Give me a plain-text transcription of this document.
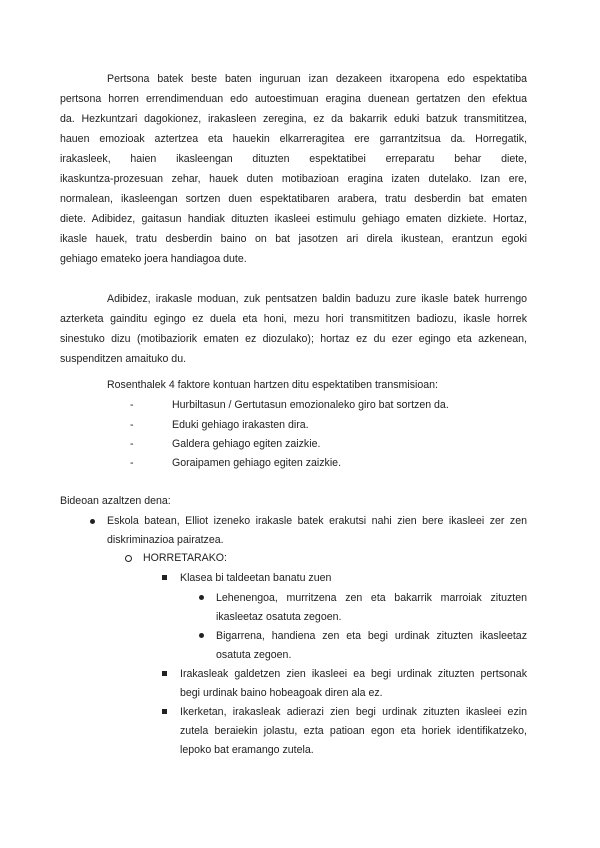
Pertsona batek beste baten inguruan izan dezakeen itxaropena edo espektatiba
pertsona horren errendimenduan edo autoestimuan eragina duenean gertatzen den efektua
da. Hezkuntzari dagokionez, irakasleen zeregina, ez da bakarrik eduki batzuk transmititzea,
hauen emozioak aztertzea eta hauekin elkarreragitea ere garrantzitsua da. Horregatik,
irakasleek, haien ikasleengan dituzten espektatibei erreparatu behar diete,
ikaskuntza-prozesuan zehar, hauek duten motibazioan eragina izaten dutelako. Izan ere,
normalean, ikasleengan sortzen duen espektatibaren arabera, tratu desberdin bat ematen
diete. Adibidez, gaitasun handiak dituzten ikasleei estimulu gehiago ematen dizkiete. Hortaz,
ikasle hauek, tratu desberdin baino on bat jasotzen ari direla ikustean, erantzun egoki
gehiago emateko joera handiagoa dute.
Adibidez, irakasle moduan, zuk pentsatzen baldin baduzu zure ikasle batek hurrengo
azterketa gainditu egingo ez duela eta honi, mezu hori transmititzen badiozu, ikasle horrek
sinestuko dizu (motibaziorik ematen ez diozulako); hortaz ez du ezer egingo eta azkenean,
suspenditzen amaituko du.
Rosenthalek 4 faktore kontuan hartzen ditu espektatiben transmisioan:
-	Hurbiltasun / Gertutasun emozionaleko giro bat sortzen da.
-	Eduki gehiago irakasten dira.
-	Galdera gehiago egiten zaizkie.
-	Goraipamen gehiago egiten zaizkie.
Bideoan azaltzen dena:
Eskola batean, Elliot izeneko irakasle batek erakutsi nahi zien bere ikasleei zer zen
diskriminazioa pairatzea.
HORRETARAKO:
Klasea bi taldeetan banatu zuen
Lehenengoa, murritzena zen eta bakarrik marroiak zituzten
ikasleetaz osatuta zegoen.
Bigarrena, handiena zen eta begi urdinak zituzten ikasleetaz
osatuta zegoen.
Irakasleak galdetzen zien ikasleei ea begi urdinak zituzten pertsonak
begi urdinak baino hobeagoak diren ala ez.
Ikerketan, irakasleak adierazi zien begi urdinak zituzten ikasleei ezin
zutela beraiekin jolastu, ezta patioan egon eta horiek identifikatzeko,
lepoko bat eramango zutela.
